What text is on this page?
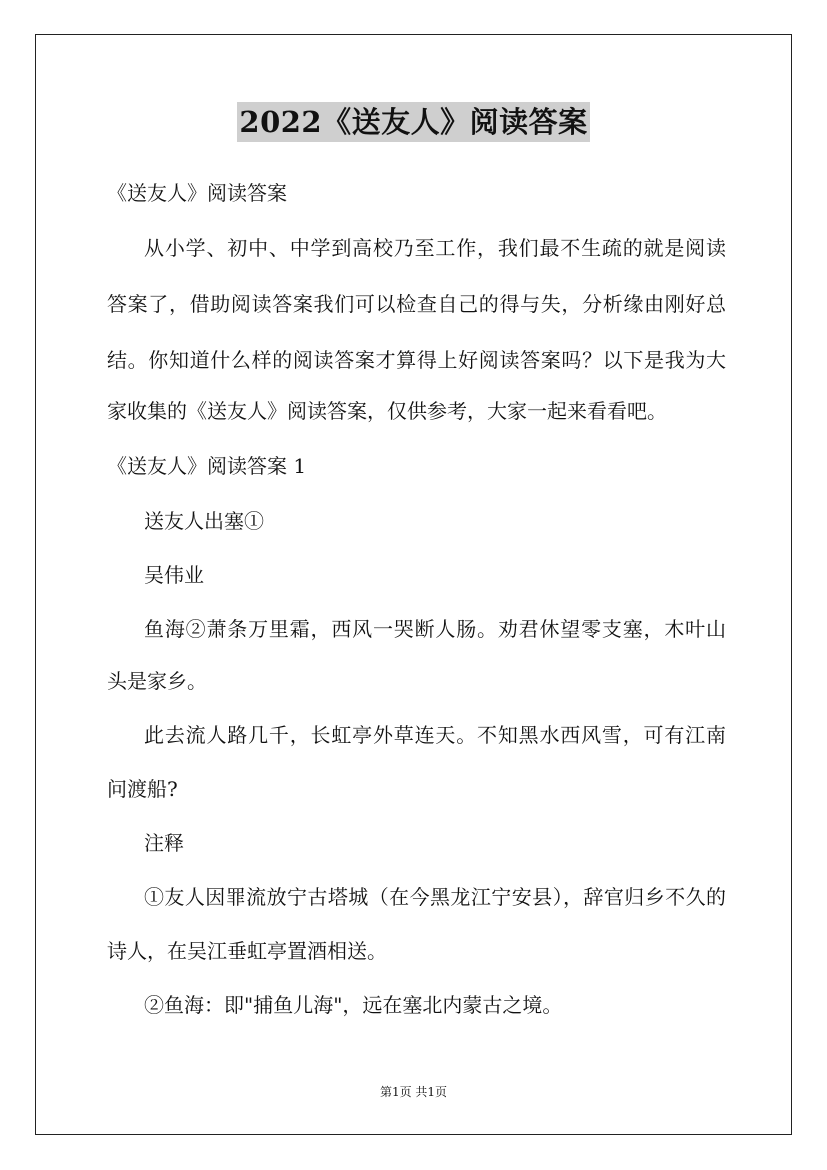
2022《送友人》阅读答案
《送友人》阅读答案
从小学、初中、中学到高校乃至工作，我们最不生疏的就是阅读
答案了，借助阅读答案我们可以检查自己的得与失，分析缘由刚好总
结。你知道什么样的阅读答案才算得上好阅读答案吗？以下是我为大
家收集的《送友人》阅读答案，仅供参考，大家一起来看看吧。
《送友人》阅读答案 1
送友人出塞①
吴伟业
鱼海②萧条万里霜，西风一哭断人肠。劝君休望零支塞，木叶山
头是家乡。
此去流人路几千，长虹亭外草连天。不知黑水西风雪，可有江南
问渡船?
注释
①友人因罪流放宁古塔城（在今黑龙江宁安县），辞官归乡不久的
诗人，在吴江垂虹亭置酒相送。
②鱼海：即"捕鱼儿海"，远在塞北内蒙古之境。
第1页 共1页
